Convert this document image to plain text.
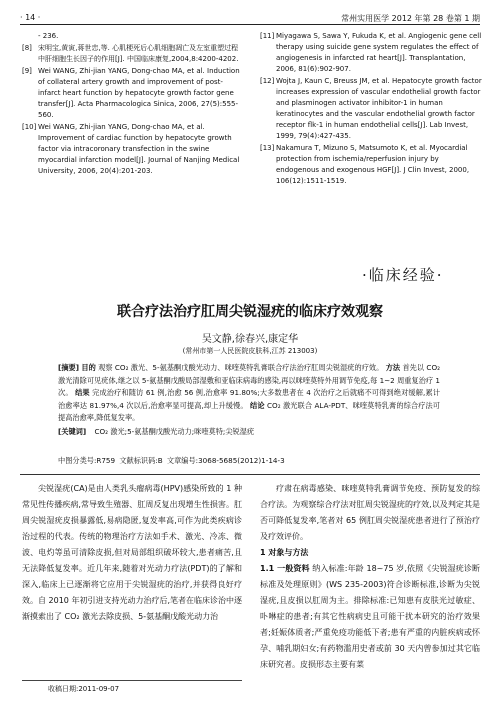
· 14 ·	常州实用医学 2012 年第 28 卷第 1 期
- 236.
[8] 宋明宝,黄寅,蒋世忠,等. 心肌梗死后心肌细胞凋亡及左室重塑过程中肝细胞生长因子的作用[J]. 中国临床康复,2004,8:4200-4202.
[9] Wei WANG, Zhi-jian YANG, Dong-chao MA, et al. Induction of collateral artery growth and improvement of post-infarct heart function by hepatocyte growth factor gene transfer[J]. Acta Pharmacologica Sinica, 2006, 27(5):555-560.
[10] Wei WANG, Zhi-jian YANG, Dong-chao MA, et al. Improvement of cardiac function by hepatocyte growth factor via intracoronary transfection in the swine myocardial infarction model[J]. Journal of Nanjing Medical University, 2006, 20(4):201-203.
[11] Miyagawa S, Sawa Y, Fukuda K, et al. Angiogenic gene cell therapy using suicide gene system regulates the effect of angiogenesis in infarcted rat heart[J]. Transplantation, 2006, 81(6):902-907.
[12] Wojta J, Kaun C, Breuss JM, et al. Hepatocyte growth factor increases expression of vascular endothelial growth factor and plasminogen activator inhibitor-1 in human keratinocytes and the vascular endothelial growth factor receptor flk-1 in human endothelial cells[J]. Lab Invest, 1999, 79(4):427-435.
[13] Nakamura T, Mizuno S, Matsumoto K, et al. Myocardial protection from ischemia/reperfusion injury by endogenous and exogenous HGF[J]. J Clin Invest, 2000, 106(12):1511-1519.
·临床经验·
联合疗法治疗肛周尖锐湿疣的临床疗效观察
吴文静,徐春兴,康定华
(常州市第一人民医院皮肤科,江苏 213003)
[摘要] 目的 观察 CO₂ 激光、5-氨基酮戊酸光动力、咪喹莫特乳膏联合疗法治疗肛周尖锐湿疣的疗效。 方法 首先以 CO₂ 激光清除可见疣体,继之以 5-氨基酮戊酸局部湿敷和亚临床病毒的感染,再以咪喹莫特外用调节免疫,每 1~2 周重复治疗 1 次。 结果 完成治疗和随访 61 例,治愈 56 例,治愈率 91.80%;大多数患者在 4 次治疗之后就痛不可得到绝对缓解,累计治愈率达 81.97%,4 次以后,治愈率显可提高,却上升缓慢。 结论 CO₂ 激光联合 ALA-PDT、咪喹莫特乳膏的综合疗法可提高治愈率,降低复发率。
[关键词] CO₂ 激光;5-氨基酮戊酸光动力;咪喹莫特;尖锐湿疣
中图分类号:R759 文献标识码:B 文章编号:3068-5685(2012)1-14-3

尖锐湿疣(CA)是由人类乳头瘤病毒(HPV)感染所致的 1 种常见性传播疾病,常导致生殖器、肛周反复出现增生性损害。肛周尖锐湿疣皮损暴露低,易病隐匿,复发率高,可作为此类疾病诊治过程的代表。传统的物理治疗方法如手术、激光、冷冻、微波、电灼等虽可清除皮损,但对局部组织破坏较大,患者痛苦,且无法降低复发率。近几年来,随着对光动力疗法(PDT)的了解和深入,临床上已逐渐将它应用于尖锐湿疣的治疗,并获得良好疗效。自 2010 年初引进支持光动力治疗后,笔者在临床诊治中逐渐摸索出了 CO₂ 激光去除皮损、5-氨基酮戊酸光动力治

疗肃在病毒感染、咪喹莫特乳膏调节免疫、预防复发的综合疗法。为观察综合疗法对肛周尖锐湿疣的疗效,以及判定其是否可降低复发率,笔者对 65 例肛周尖锐湿疣患者进行了预治疗及疗效评价。

1 对象与方法

1.1 一般资料 纳入标准:年龄 18~75 岁,依照《尖锐湿疣诊断标准及处理原则》(WS 235-2003)符合诊断标准,诊断为尖锐湿疣,且皮损以肛周为主。排除标准:已知患有皮肤光过敏症、卟啉症的患者;有其它性病病史且可能干扰本研究的治疗效果者;妊娠体质者;严重免疫功能低下者;患有严重的内脏疾病或怀孕、哺乳期妇女;有药物滥用史者或前 30 天内曾参加过其它临床研究者。皮损形态主要有菜

收稿日期:2011-09-07
